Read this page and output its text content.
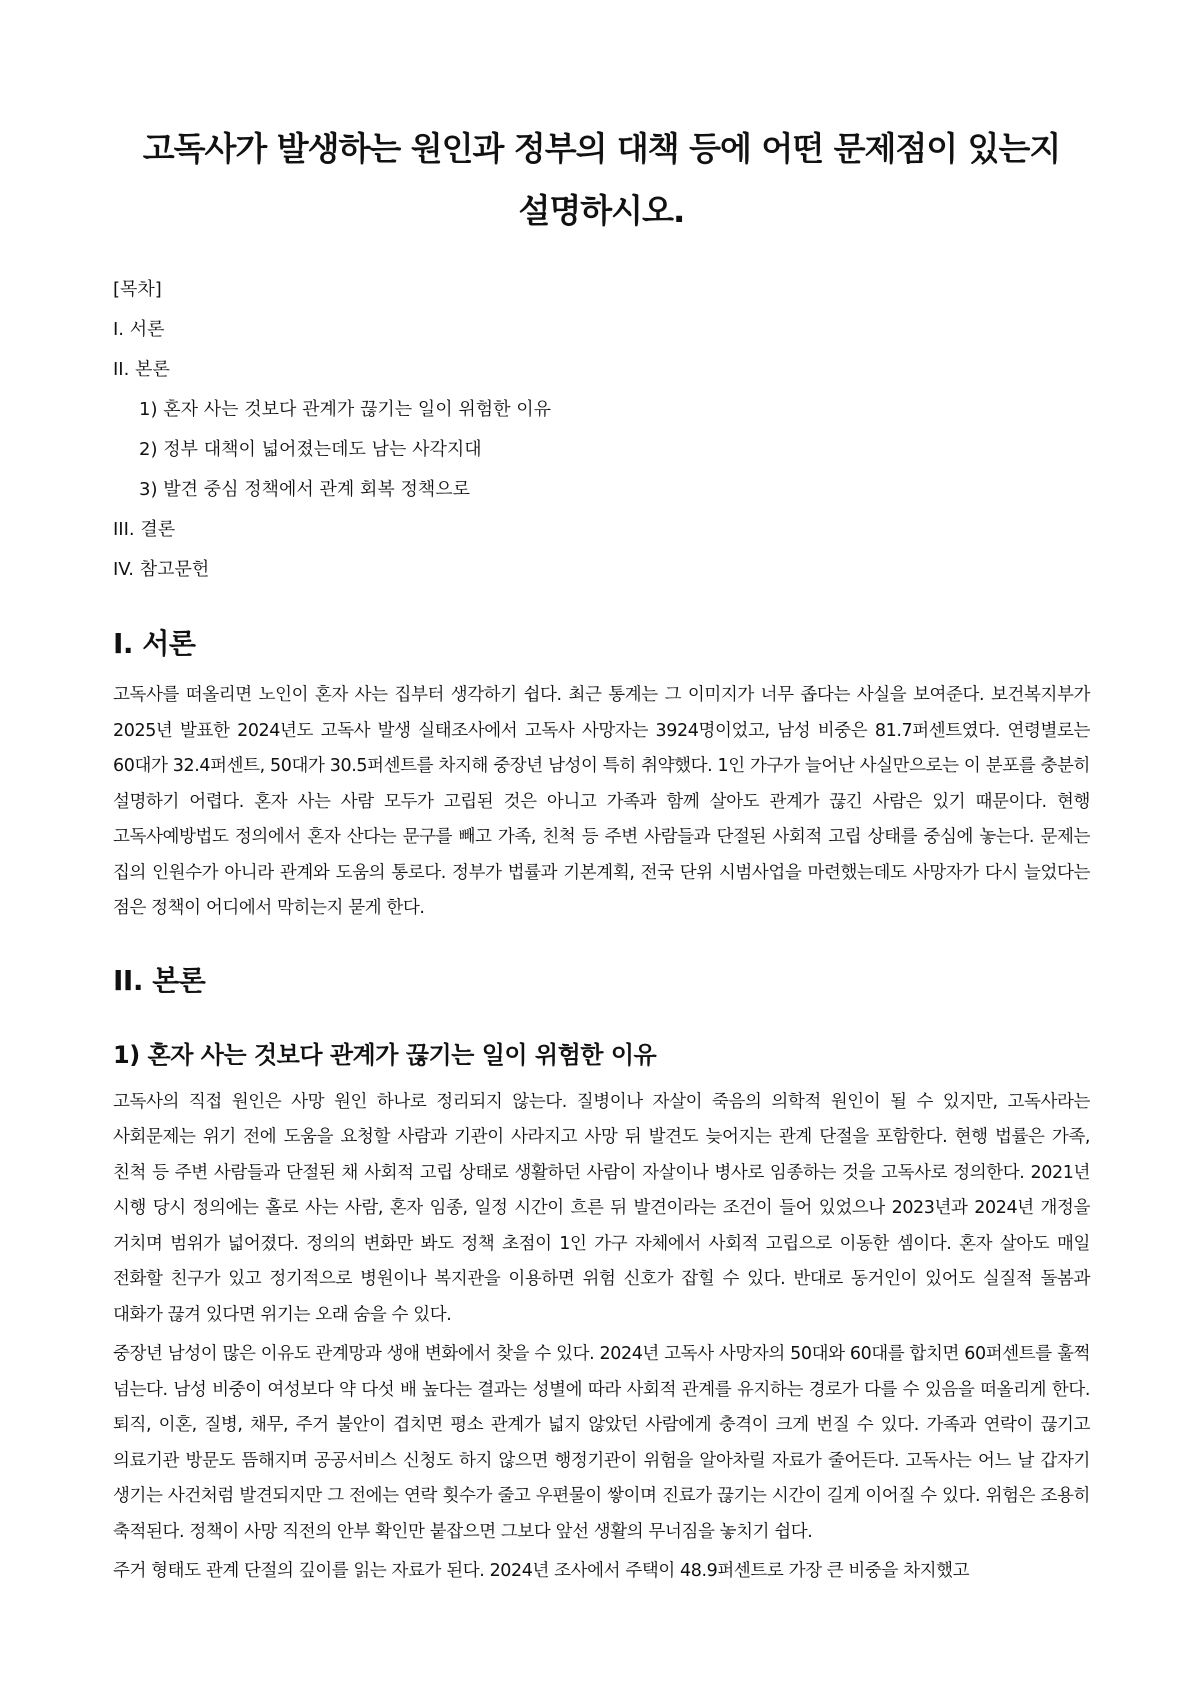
고독사가 발생하는 원인과 정부의 대책 등에 어떤 문제점이 있는지 설명하시오.
[목차]
I. 서론
II. 본론
1) 혼자 사는 것보다 관계가 끊기는 일이 위험한 이유
2) 정부 대책이 넓어졌는데도 남는 사각지대
3) 발견 중심 정책에서 관계 회복 정책으로
III. 결론
IV. 참고문헌
I. 서론

고독사를 떠올리면 노인이 혼자 사는 집부터 생각하기 쉽다. 최근 통계는 그 이미지가 너무 좁다는 사실을 보여준다. 보건복지부가 2025년 발표한 2024년도 고독사 발생 실태조사에서 고독사 사망자는 3924명이었고, 남성 비중은 81.7퍼센트였다. 연령별로는 60대가 32.4퍼센트, 50대가 30.5퍼센트를 차지해 중장년 남성이 특히 취약했다. 1인 가구가 늘어난 사실만으로는 이 분포를 충분히 설명하기 어렵다. 혼자 사는 사람 모두가 고립된 것은 아니고 가족과 함께 살아도 관계가 끊긴 사람은 있기 때문이다. 현행 고독사예방법도 정의에서 혼자 산다는 문구를 빼고 가족, 친척 등 주변 사람들과 단절된 사회적 고립 상태를 중심에 놓는다. 문제는 집의 인원수가 아니라 관계와 도움의 통로다. 정부가 법률과 기본계획, 전국 단위 시범사업을 마련했는데도 사망자가 다시 늘었다는 점은 정책이 어디에서 막히는지 묻게 한다.

II. 본론
1) 혼자 사는 것보다 관계가 끊기는 일이 위험한 이유

고독사의 직접 원인은 사망 원인 하나로 정리되지 않는다. 질병이나 자살이 죽음의 의학적 원인이 될 수 있지만, 고독사라는 사회문제는 위기 전에 도움을 요청할 사람과 기관이 사라지고 사망 뒤 발견도 늦어지는 관계 단절을 포함한다. 현행 법률은 가족, 친척 등 주변 사람들과 단절된 채 사회적 고립 상태로 생활하던 사람이 자살이나 병사로 임종하는 것을 고독사로 정의한다. 2021년 시행 당시 정의에는 홀로 사는 사람, 혼자 임종, 일정 시간이 흐른 뒤 발견이라는 조건이 들어 있었으나 2023년과 2024년 개정을 거치며 범위가 넓어졌다. 정의의 변화만 봐도 정책 초점이 1인 가구 자체에서 사회적 고립으로 이동한 셈이다. 혼자 살아도 매일 전화할 친구가 있고 정기적으로 병원이나 복지관을 이용하면 위험 신호가 잡힐 수 있다. 반대로 동거인이 있어도 실질적 돌봄과 대화가 끊겨 있다면 위기는 오래 숨을 수 있다.

중장년 남성이 많은 이유도 관계망과 생애 변화에서 찾을 수 있다. 2024년 고독사 사망자의 50대와 60대를 합치면 60퍼센트를 훌쩍 넘는다. 남성 비중이 여성보다 약 다섯 배 높다는 결과는 성별에 따라 사회적 관계를 유지하는 경로가 다를 수 있음을 떠올리게 한다. 퇴직, 이혼, 질병, 채무, 주거 불안이 겹치면 평소 관계가 넓지 않았던 사람에게 충격이 크게 번질 수 있다. 가족과 연락이 끊기고 의료기관 방문도 뜸해지며 공공서비스 신청도 하지 않으면 행정기관이 위험을 알아차릴 자료가 줄어든다. 고독사는 어느 날 갑자기 생기는 사건처럼 발견되지만 그 전에는 연락 횟수가 줄고 우편물이 쌓이며 진료가 끊기는 시간이 길게 이어질 수 있다. 위험은 조용히 축적된다. 정책이 사망 직전의 안부 확인만 붙잡으면 그보다 앞선 생활의 무너짐을 놓치기 쉽다.

주거 형태도 관계 단절의 깊이를 읽는 자료가 된다. 2024년 조사에서 주택이 48.9퍼센트로 가장 큰 비중을 차지했고
